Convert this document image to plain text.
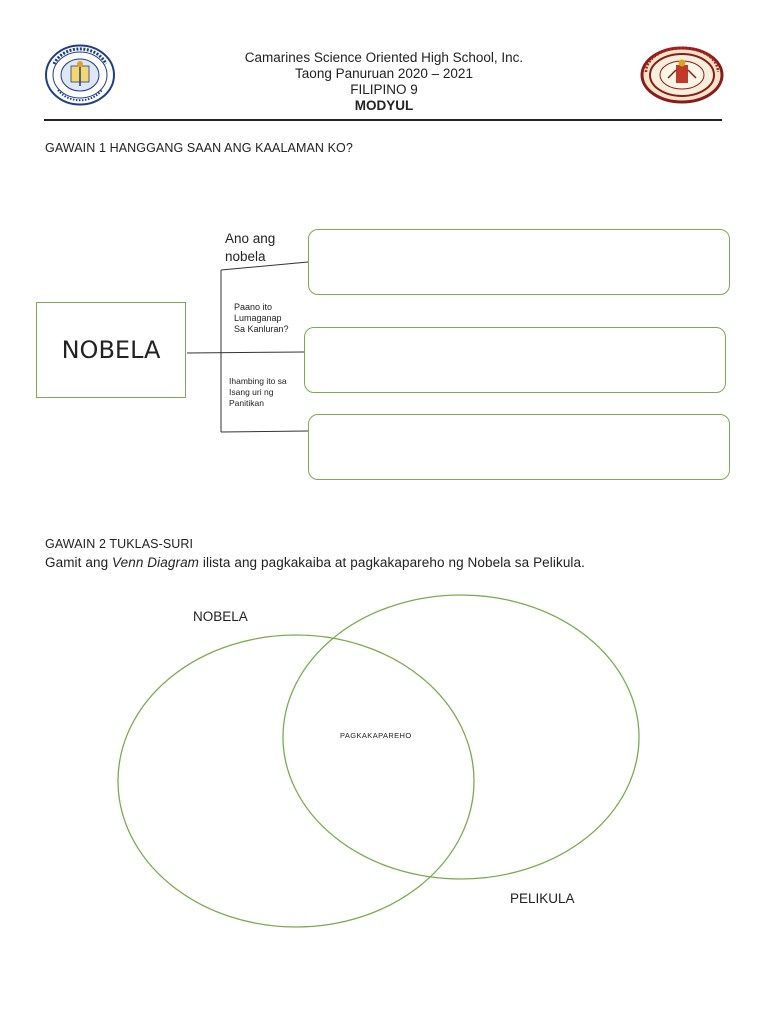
Camarines Science Oriented High School, Inc.
Taong Panuruan 2020 – 2021
FILIPINO 9
MODYUL
GAWAIN 1 HANGGANG SAAN ANG KAALAMAN KO?
NOBELA
Ano ang
nobela
Paano ito
Lumaganap
Sa Kanluran?
Ihambing ito sa
Isang uri ng
Panitikan
GAWAIN 2 TUKLAS-SURI
Gamit ang Venn Diagram ilista ang pagkakaiba at pagkakapareho ng Nobela sa Pelikula.
NOBELA
PELIKULA
PAGKAKAPAREHO
